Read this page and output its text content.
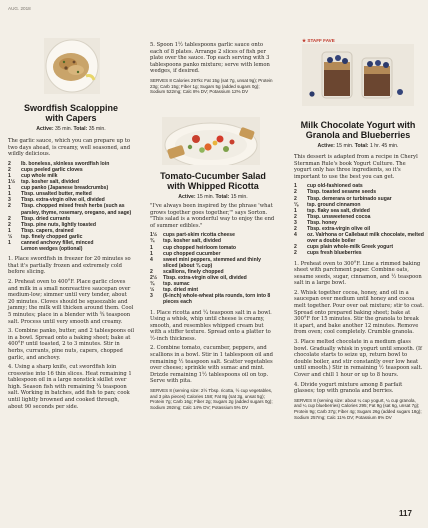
AUG. 2018
Swordfish Scaloppine
with Capers
Active: 35 min. Total: 35 min.

The garlic sauce, which you can prepare up to two days ahead, is creamy, well seasoned, and wildly delicious.

2	lb. boneless, skinless swordfish loin
2	cups peeled garlic cloves
1	cup whole milk
1½	tsp. kosher salt, divided
1	cup panko (Japanese breadcrumbs)
1	Tbsp. unsalted butter, melted
3	Tbsp. extra-virgin olive oil, divided
2	Tbsp. chopped mixed fresh herbs (such as parsley, thyme, rosemary, oregano, and sage)
2	Tbsp. dried currants
2	Tbsp. pine nuts, lightly toasted
1	Tbsp. capers, drained
½	tsp. finely chopped garlic
1	canned anchovy fillet, minced
Lemon wedges (optional)

1. Place swordfish in freezer for 20 minutes so that it's partially frozen and extremely cold before slicing.

2. Preheat oven to 400°F. Place garlic cloves and milk in a small nonreactive saucepan over medium-low; simmer until very tender, about 20 minutes. Cloves should be squeezable and jammy; the milk will thicken around them. Cool 5 minutes; place in a blender with ¾ teaspoon salt. Process until very smooth and creamy.

3. Combine panko, butter, and 2 tablespoons oil in a bowl. Spread onto a baking sheet; bake at 400°F until toasted, 2 to 3 minutes. Stir in herbs, currants, pine nuts, capers, chopped garlic, and anchovy.

4. Using a sharp knife, cut swordfish loin crosswise into 16 thin slices. Heat remaining 1 tablespoon oil in a large nonstick skillet over high. Season fish with remaining ¾ teaspoon salt. Working in batches, add fish to pan; cook until lightly browned and cooked through, about 90 seconds per side.

5. Spoon 1½ tablespoons garlic sauce onto each of 8 plates. Arrange 2 slices of fish per plate over the sauce. Top each serving with 3 tablespoons panko mixture; serve with lemon wedges, if desired.

SERVES 8 Calories 297kc Fat 15g (sat 7g, unsat 9g); Protein 23g; Carb 15g; Fiber 1g; Sugars 5g (added sugars 0g); Sodium 522mg; Calc 8% DV; Potassium 12% DV
Tomato-Cucumber Salad
with Whipped Ricotta
Active: 15 min. Total: 15 min.

"I've always been inspired by the phrase 'what grows together goes together,'" says Sorton. "This salad is a wonderful way to enjoy the end of summer edibles."

1½	cups part-skim ricotta cheese
¾	tsp. kosher salt, divided
1	cup chopped heirloom tomato
1	cup chopped cucumber
4	sweet mini peppers, stemmed and thinly sliced (about ¾ cup)
2	scallions, finely chopped
2½	Tbsp. extra-virgin olive oil, divided
¾	tsp. sumac
½	tsp. dried mint
3	(6-inch) whole-wheat pita rounds, torn into 8 pieces each

1. Place ricotta and ¼ teaspoon salt in a bowl. Using a whisk, whip until cheese is creamy, smooth, and resembles whipped cream but with a stiffer texture. Spread onto a platter to ½-inch thickness.

2. Combine tomato, cucumber, peppers, and scallions in a bowl. Stir in 1 tablespoon oil and remaining ½ teaspoon salt. Scatter vegetables over cheese; sprinkle with sumac and mint. Drizzle remaining 1½ tablespoons oil on top. Serve with pita.

SERVES 8 (serving size: 2½ Tbsp. ricotta, ½ cup vegetables, and 3 pita pieces) Calories 158; Fat 8g (sat 3g, unsat 5g); Protein 7g; Carb 16g; Fiber 2g; Sugars 2g (added sugars 0g); Sodium 292mg; Calc 14% DV; Potassium 5% DV
★ STAFF FAVE
Milk Chocolate Yogurt with
Granola and Blueberries
Active: 15 min. Total: 1 hr. 45 min.

This dessert is adapted from a recipe in Cheryl Sternman Rule's book Yogurt Culture. The yogurt only has three ingredients, so it's important to use the best you can get.

1	cup old-fashioned oats
2	Tbsp. toasted sesame seeds
2	Tbsp. demerara or turbinado sugar
⅛	tsp. ground cinnamon
1	tsp. flaky sea salt, divided
2	Tbsp. unsweetened cocoa
3	Tbsp. honey
2	Tbsp. extra-virgin olive oil
4	oz. Valrhona or Callebaut milk chocolate, melted over a double boiler
2	cups plain whole-milk Greek yogurt
2	cups fresh blueberries

1. Preheat oven to 300°F. Line a rimmed baking sheet with parchment paper. Combine oats, sesame seeds, sugar, cinnamon, and ½ teaspoon salt in a large bowl.

2. Whisk together cocoa, honey, and oil in a saucepan over medium until honey and cocoa melt together. Pour over oat mixture; stir to coat. Spread onto prepared baking sheet; bake at 300°F for 15 minutes. Stir the granola to break it apart, and bake another 12 minutes. Remove from oven; cool completely. Crumble granola.

3. Place melted chocolate in a medium glass bowl. Gradually whisk in yogurt until smooth. (If chocolate starts to seize up, return bowl to double boiler, and stir constantly over low heat until smooth.) Stir in remaining ½ teaspoon salt. Cover and chill 1 hour or up to 8 hours.

4. Divide yogurt mixture among 8 parfait glasses; top with granola and berries.

SERVES 8 (serving size: about ¼ cup yogurt, ¼ cup granola, and ¼ cup blueberries) Calories 295; Fat 9g (sat 6g, unsat 7g); Protein 9g; Carb 37g; Fiber 4g; Sugars 26g (added sugars 18g); Sodium 257mg; Calc 11% DV; Potassium 8% DV
117
